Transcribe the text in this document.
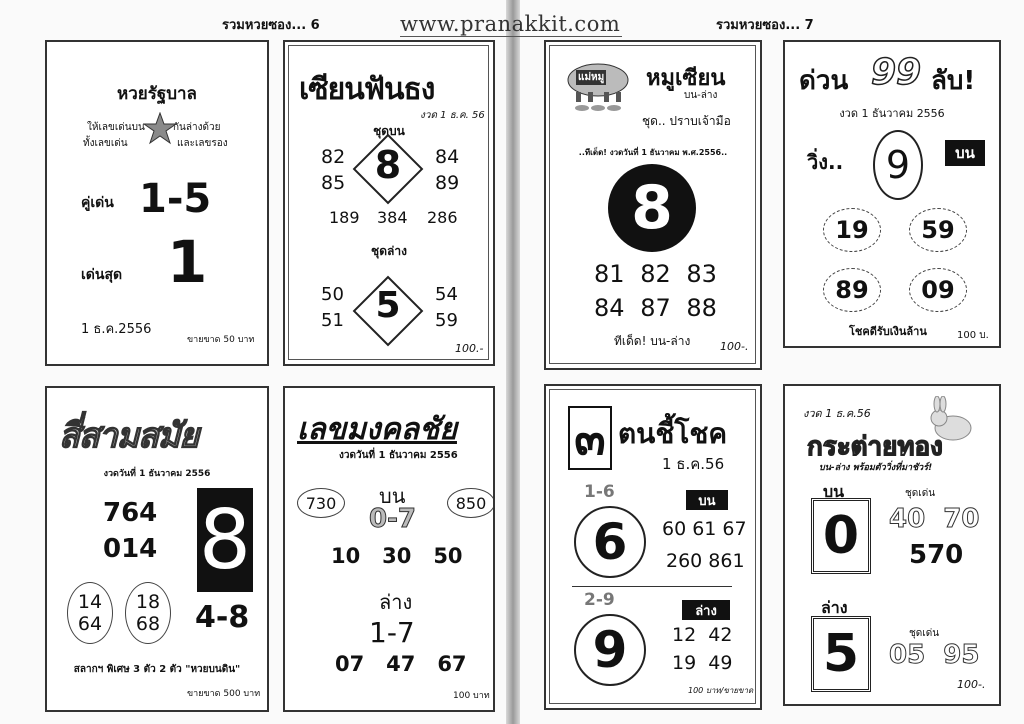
รวมหวยซอง... 6	รวมหวยซอง... 7
www.pranakkit.com
หวยรัฐบาล
ให้เลขเด่นบน
ทั้งเลขเด่น
กันล่างด้วย
และเลขรอง
คู่เด่น 1-5
เด่นสุด 1
1 ธ.ค.2556
ขายขาด 50 บาท
เซียนฟันธง
งวด 1 ธ.ค. 56
ชุดบน
82
85 8	84
89
189 384 286
ชุดล่าง
50
51 5	54
59
100.-
แม่หมู หมูเซียน
บน-ล่าง
ชุด.. ปราบเจ้ามือ
..ทีเด็ด! งวดวันที่ 1 ธันวาคม พ.ศ.2556..
8
81 82 83
84 87 88
ทีเด็ด! บน-ล่าง	100-.
ด่วน 99 ลับ!
งวด 1 ธันวาคม 2556
วิ่ง..	9	บน
19	59
89	09
โชคดีรับเงินล้าน	100 บ.
สี่สามสมัย
งวดวันที่ 1 ธันวาคม 2556
764
014 8
14
64
18
68 4-8
สลากฯ พิเศษ 3 ตัว 2 ตัว "หวยบนดิน"
ขายขาด 500 บาท
เลขมงคลชัย
งวดวันที่ 1 ธันวาคม 2556
730	บน	850
0-7
10   30   50
ล่าง
1-7
07   47   67
100 บาท
๓ ตนชี้โชค
1 ธ.ค.56
1-6	บน
6	60 61 67
260 861
2-9
ล่าง
9	12  42
19  49
100 บาท/ขายขาด
งวด 1 ธ.ค.56
กระต่ายทอง
บน-ล่าง พร้อมตัววิ่งที่มาชัวร์!
บน
0
ชุดเด่น
40  70
570
ล่าง
5	ชุดเด่น
05  95
100-.
